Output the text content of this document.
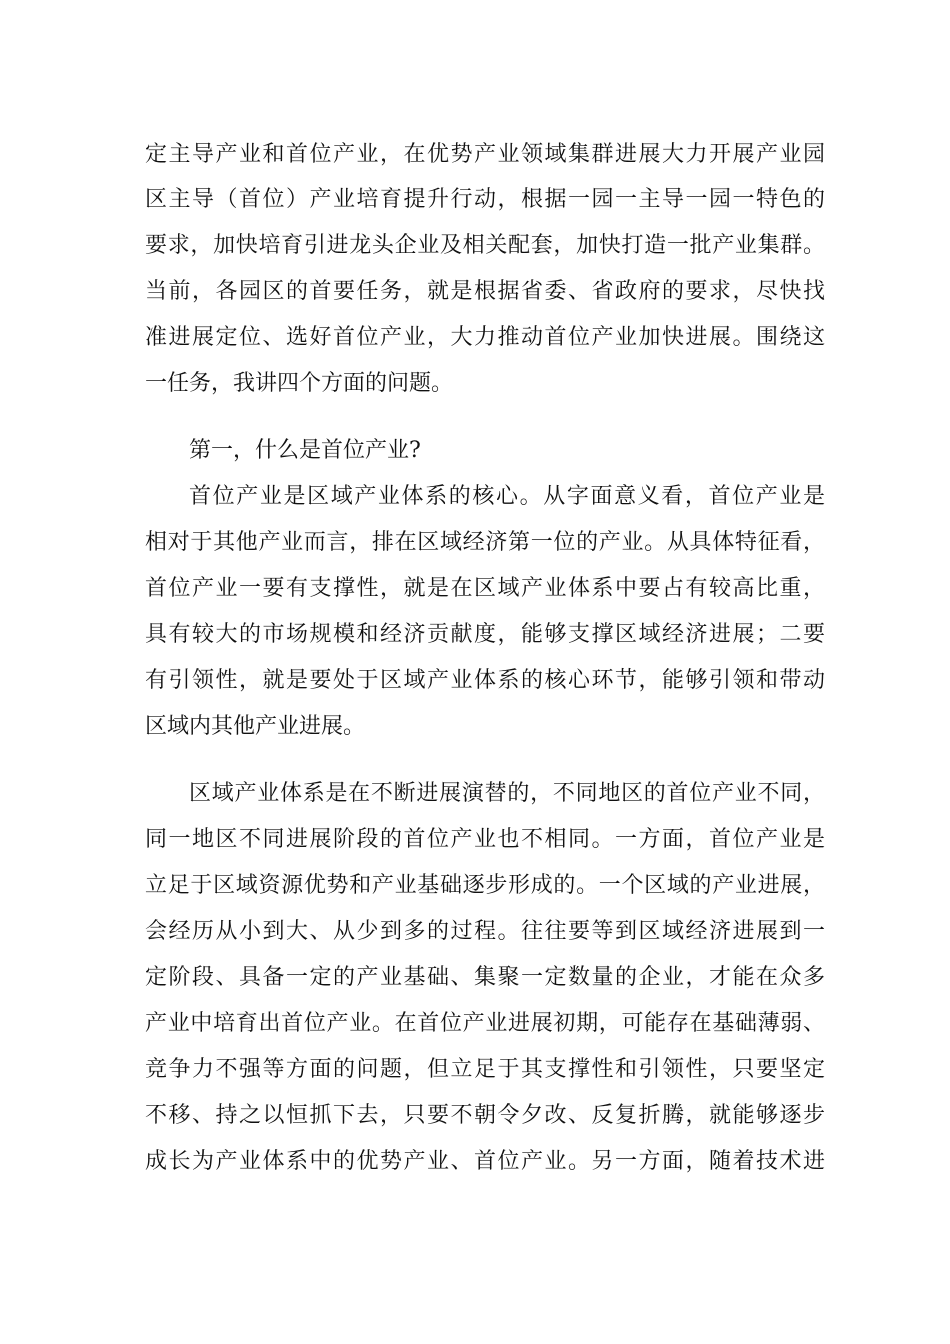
定主导产业和首位产业，在优势产业领域集群进展大力开展产业园
区主导（首位）产业培育提升行动，根据一园一主导一园一特色的
要求，加快培育引进龙头企业及相关配套，加快打造一批产业集群。
当前，各园区的首要任务，就是根据省委、省政府的要求，尽快找
准进展定位、选好首位产业，大力推动首位产业加快进展。围绕这
一任务，我讲四个方面的问题。
第一，什么是首位产业?
首位产业是区域产业体系的核心。从字面意义看，首位产业是
相对于其他产业而言，排在区域经济第一位的产业。从具体特征看，
首位产业一要有支撑性，就是在区域产业体系中要占有较高比重，
具有较大的市场规模和经济贡献度，能够支撑区域经济进展；二要
有引领性，就是要处于区域产业体系的核心环节，能够引领和带动
区域内其他产业进展。
区域产业体系是在不断进展演替的，不同地区的首位产业不同，
同一地区不同进展阶段的首位产业也不相同。一方面，首位产业是
立足于区域资源优势和产业基础逐步形成的。一个区域的产业进展，
会经历从小到大、从少到多的过程。往往要等到区域经济进展到一
定阶段、具备一定的产业基础、集聚一定数量的企业，才能在众多
产业中培育出首位产业。在首位产业进展初期，可能存在基础薄弱、
竞争力不强等方面的问题，但立足于其支撑性和引领性，只要坚定
不移、持之以恒抓下去，只要不朝令夕改、反复折腾，就能够逐步
成长为产业体系中的优势产业、首位产业。另一方面，随着技术进
